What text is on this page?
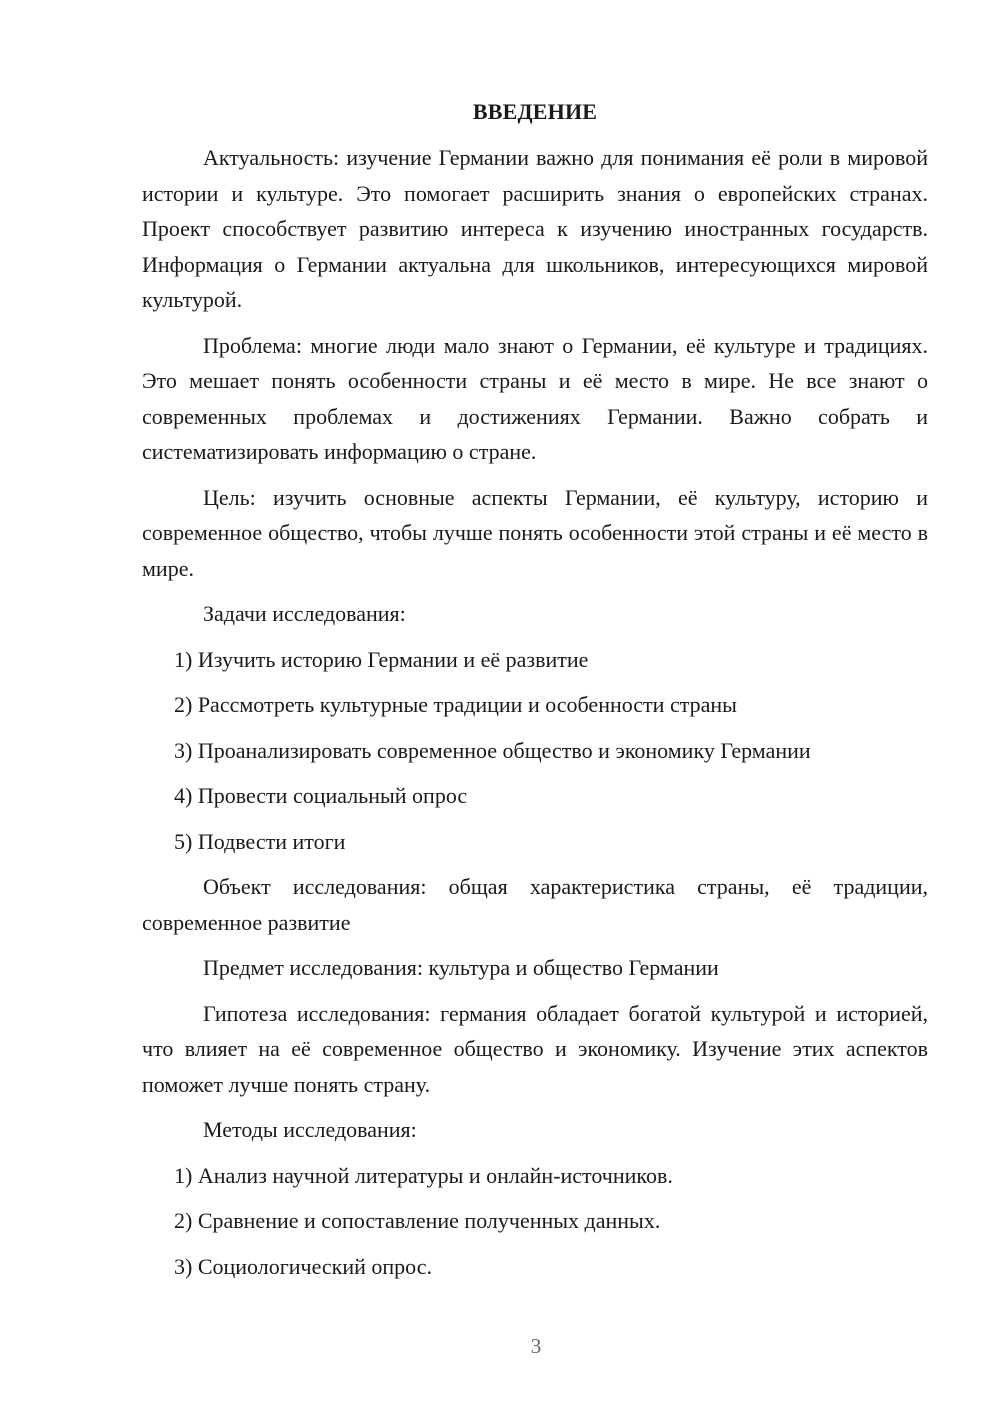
ВВЕДЕНИЕ

Актуальность: изучение Германии важно для понимания её роли в мировой истории и культуре. Это помогает расширить знания о европейских странах. Проект способствует развитию интереса к изучению иностранных государств. Информация о Германии актуальна для школьников, интересующихся мировой культурой.

Проблема: многие люди мало знают о Германии, её культуре и традициях. Это мешает понять особенности страны и её место в мире. Не все знают о современных проблемах и достижениях Германии. Важно собрать и систематизировать информацию о стране.

Цель: изучить основные аспекты Германии, её культуру, историю и современное общество, чтобы лучше понять особенности этой страны и её место в мире.

Задачи исследования:

1) Изучить историю Германии и её развитие

2) Рассмотреть культурные традиции и особенности страны

3) Проанализировать современное общество и экономику Германии

4) Провести социальный опрос

5) Подвести итоги

Объект исследования: общая характеристика страны, её традиции, современное развитие

Предмет исследования: культура и общество Германии

Гипотеза исследования: германия обладает богатой культурой и историей, что влияет на её современное общество и экономику. Изучение этих аспектов поможет лучше понять страну.

Методы исследования:

1) Анализ научной литературы и онлайн-источников.

2) Сравнение и сопоставление полученных данных.

3) Социологический опрос.

3
